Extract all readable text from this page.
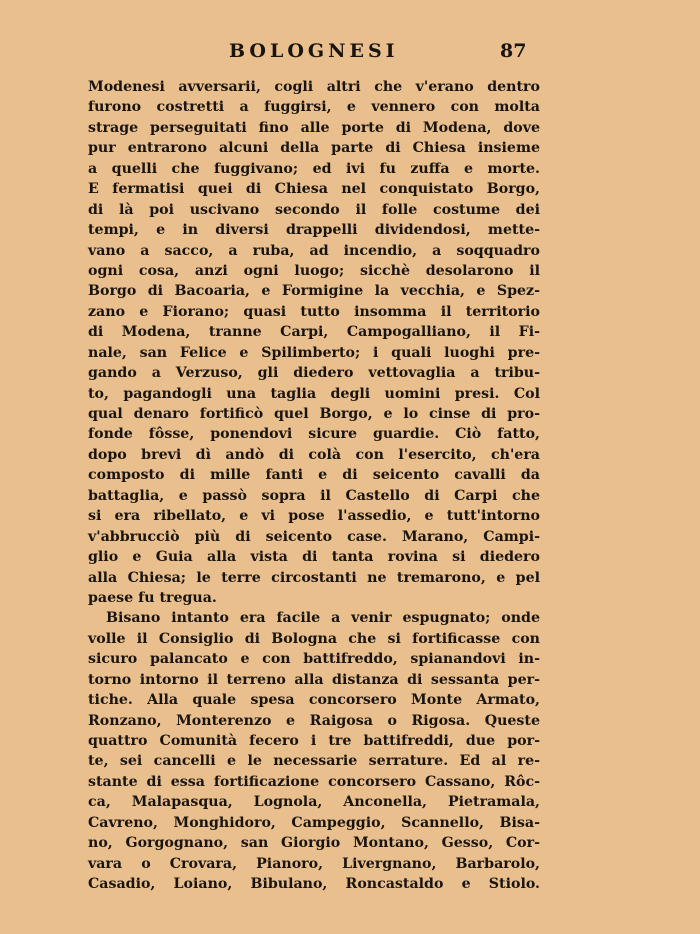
BOLOGNESI	87
Modenesi avversarii, cogli altri che v'erano dentro
furono costretti a fuggirsi, e vennero con molta
strage perseguitati fino alle porte di Modena, dove
pur entrarono alcuni della parte di Chiesa insieme
a quelli che fuggivano; ed ivi fu zuffa e morte.
E fermatisi quei di Chiesa nel conquistato Borgo,
di là poi uscivano secondo il folle costume dei
tempi, e in diversi drappelli dividendosi, mette-
vano a sacco, a ruba, ad incendio, a soqquadro
ogni cosa, anzi ogni luogo; sicchè desolarono il
Borgo di Bacoaria, e Formigine la vecchia, e Spez-
zano e Fiorano; quasi tutto insomma il territorio
di Modena, tranne Carpi, Campogalliano, il Fi-
nale, san Felice e Spilimberto; i quali luoghi pre-
gando a Verzuso, gli diedero vettovaglia a tribu-
to, pagandogli una taglia degli uomini presi. Col
qual denaro fortificò quel Borgo, e lo cinse di pro-
fonde fôsse, ponendovi sicure guardie. Ciò fatto,
dopo brevi dì andò di colà con l'esercito, ch'era
composto di mille fanti e di seicento cavalli da
battaglia, e passò sopra il Castello di Carpi che
si era ribellato, e vi pose l'assedio, e tutt'intorno
v'abbrucciò più di seicento case. Marano, Campi-
glio e Guia alla vista di tanta rovina si diedero
alla Chiesa; le terre circostanti ne tremarono, e pel
paese fu tregua.
Bisano intanto era facile a venir espugnato; onde
volle il Consiglio di Bologna che si fortificasse con
sicuro palancato e con battifreddo, spianandovi in-
torno intorno il terreno alla distanza di sessanta per-
tiche. Alla quale spesa concorsero Monte Armato,
Ronzano, Monterenzo e Raigosa o Rigosa. Queste
quattro Comunità fecero i tre battifreddi, due por-
te, sei cancelli e le necessarie serrature. Ed al re-
stante di essa fortificazione concorsero Cassano, Rôc-
ca, Malapasqua, Lognola, Anconella, Pietramala,
Cavreno, Monghidoro, Campeggio, Scannello, Bisa-
no, Gorgognano, san Giorgio Montano, Gesso, Cor-
vara o Crovara, Pianoro, Livergnano, Barbarolo,
Casadio, Loiano, Bibulano, Roncastaldo e Stiolo.
